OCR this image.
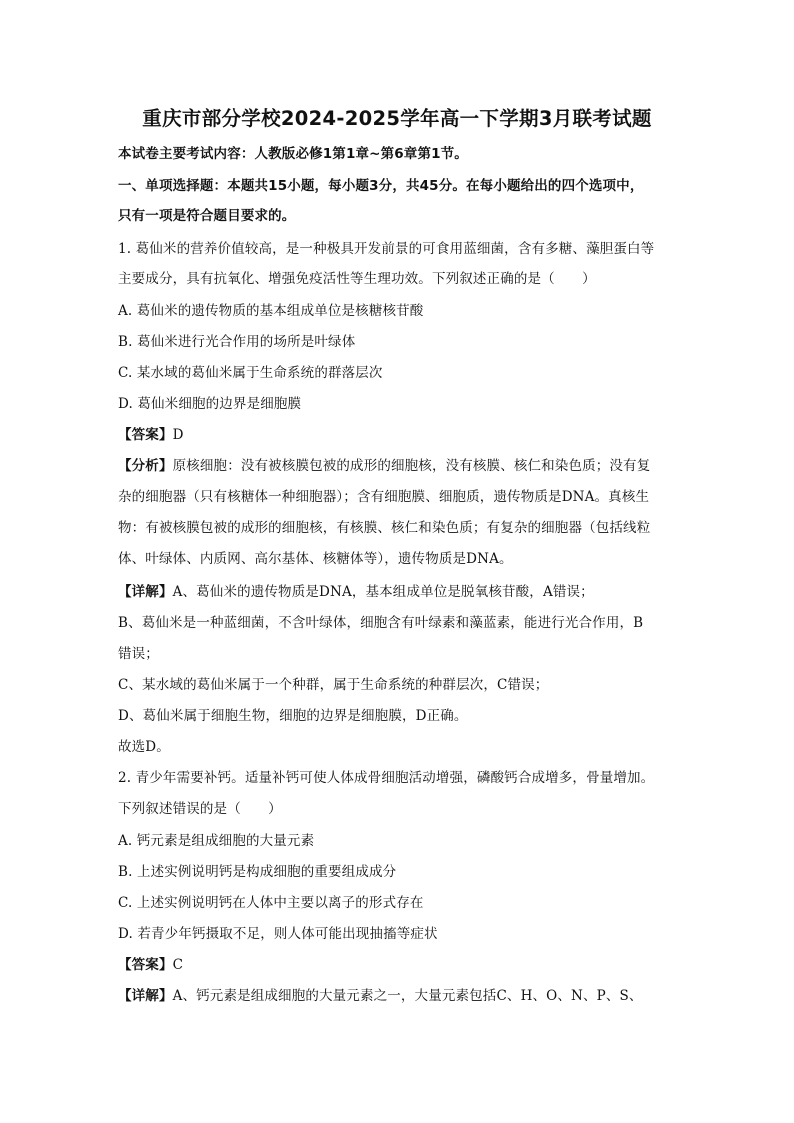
重庆市部分学校2024-2025学年高一下学期3月联考试题
本试卷主要考试内容：人教版必修1第1章~第6章第1节。
一、单项选择题：本题共15小题，每小题3分，共45分。在每小题给出的四个选项中，
只有一项是符合题目要求的。
1. 葛仙米的营养价值较高，是一种极具开发前景的可食用蓝细菌，含有多糖、藻胆蛋白等
主要成分，具有抗氧化、增强免疫活性等生理功效。下列叙述正确的是（　　）
A. 葛仙米的遗传物质的基本组成单位是核糖核苷酸
B. 葛仙米进行光合作用的场所是叶绿体
C. 某水域的葛仙米属于生命系统的群落层次
D. 葛仙米细胞的边界是细胞膜
【答案】D
【分析】原核细胞：没有被核膜包被的成形的细胞核，没有核膜、核仁和染色质；没有复
杂的细胞器（只有核糖体一种细胞器）；含有细胞膜、细胞质，遗传物质是DNA。真核生
物：有被核膜包被的成形的细胞核，有核膜、核仁和染色质；有复杂的细胞器（包括线粒
体、叶绿体、内质网、高尔基体、核糖体等），遗传物质是DNA。
【详解】A、葛仙米的遗传物质是DNA，基本组成单位是脱氧核苷酸，A错误；
B、葛仙米是一种蓝细菌，不含叶绿体，细胞含有叶绿素和藻蓝素，能进行光合作用，B
错误；
C、某水域的葛仙米属于一个种群，属于生命系统的种群层次，C错误；
D、葛仙米属于细胞生物，细胞的边界是细胞膜，D正确。
故选D。
2. 青少年需要补钙。适量补钙可使人体成骨细胞活动增强，磷酸钙合成增多，骨量增加。
下列叙述错误的是（　　）
A. 钙元素是组成细胞的大量元素
B. 上述实例说明钙是构成细胞的重要组成成分
C. 上述实例说明钙在人体中主要以离子的形式存在
D. 若青少年钙摄取不足，则人体可能出现抽搐等症状
【答案】C
【详解】A、钙元素是组成细胞的大量元素之一，大量元素包括C、H、O、N、P、S、
